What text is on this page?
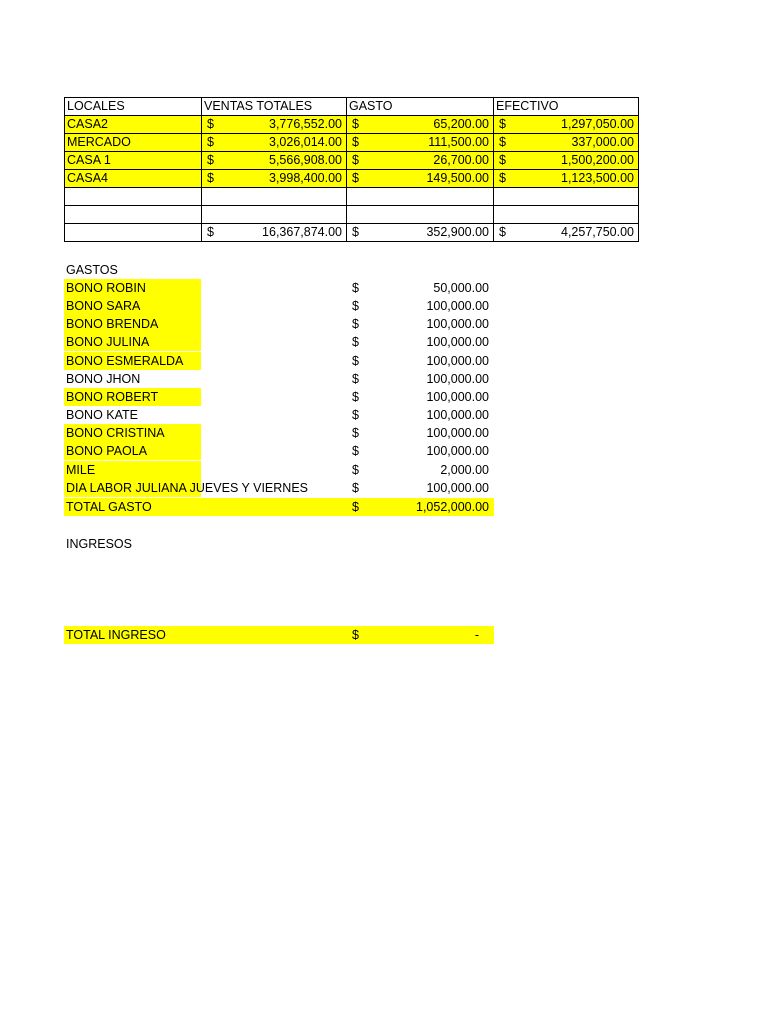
LOCALES	VENTAS TOTALES	GASTO	EFECTIVO
CASA2	$ 3,776,552.00	$ 65,200.00	$ 1,297,050.00

MERCADO	$ 3,026,014.00	$ 111,500.00	$ 337,000.00

CASA 1	$ 5,566,908.00	$ 26,700.00	$ 1,500,200.00

CASA4	$ 3,998,400.00	$ 149,500.00	$ 1,123,500.00

	$ 16,367,874.00	$ 352,900.00	$ 4,257,750.00
GASTOS
BONO ROBIN	$	50,000.00
BONO SARA	$	100,000.00
BONO BRENDA	$	100,000.00
BONO JULINA	$	100,000.00
BONO ESMERALDA	$	100,000.00
BONO JHON	$	100,000.00
BONO ROBERT	$	100,000.00
BONO KATE	$	100,000.00
BONO CRISTINA	$	100,000.00
BONO PAOLA	$	100,000.00
MILE	$	2,000.00
DIA LABOR JULIANA JUEVES Y VIERNES	$	100,000.00
TOTAL GASTO	$	1,052,000.00
INGRESOS
TOTAL INGRESO	$	-
